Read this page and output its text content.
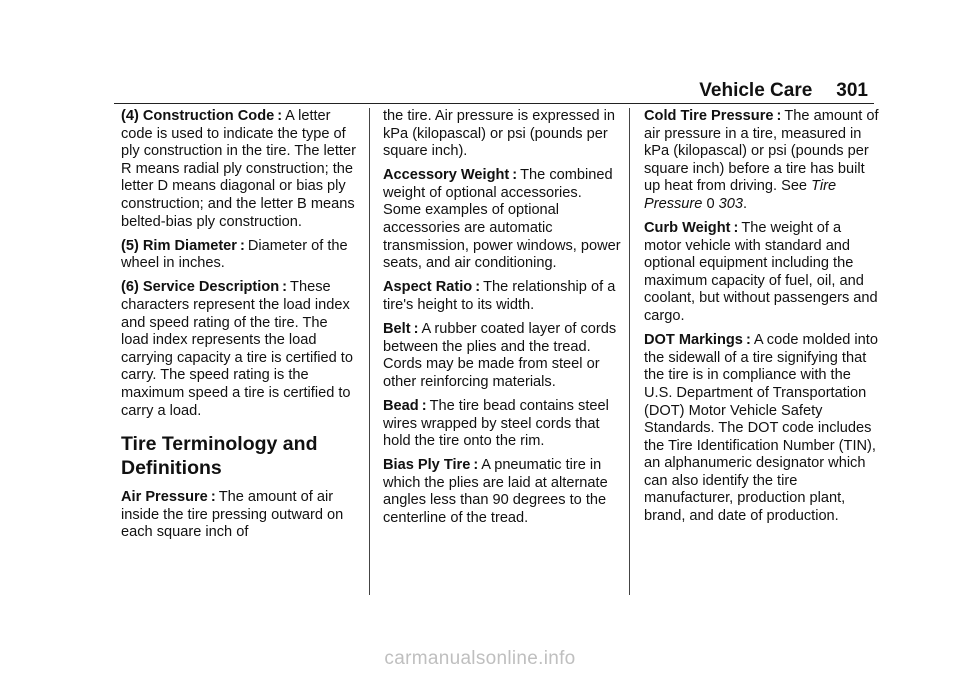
Vehicle Care 301

(4) Construction Code : A letter code is used to indicate the type of ply construction in the tire. The letter R means radial ply construction; the letter D means diagonal or bias ply construction; and the letter B means belted-bias ply construction.

(5) Rim Diameter : Diameter of the wheel in inches.

(6) Service Description : These characters represent the load index and speed rating of the tire. The load index represents the load carrying capacity a tire is certified to carry. The speed rating is the maximum speed a tire is certified to carry a load.

Tire Terminology and Definitions

Air Pressure : The amount of air inside the tire pressing outward on each square inch of

the tire. Air pressure is expressed in kPa (kilopascal) or psi (pounds per square inch).

Accessory Weight : The combined weight of optional accessories. Some examples of optional accessories are automatic transmission, power windows, power seats, and air conditioning.

Aspect Ratio : The relationship of a tire's height to its width.

Belt : A rubber coated layer of cords between the plies and the tread. Cords may be made from steel or other reinforcing materials.

Bead : The tire bead contains steel wires wrapped by steel cords that hold the tire onto the rim.

Bias Ply Tire : A pneumatic tire in which the plies are laid at alternate angles less than 90 degrees to the centerline of the tread.

Cold Tire Pressure : The amount of air pressure in a tire, measured in kPa (kilopascal) or psi (pounds per square inch) before a tire has built up heat from driving. See Tire Pressure 0 303.

Curb Weight : The weight of a motor vehicle with standard and optional equipment including the maximum capacity of fuel, oil, and coolant, but without passengers and cargo.

DOT Markings : A code molded into the sidewall of a tire signifying that the tire is in compliance with the U.S. Department of Transportation (DOT) Motor Vehicle Safety Standards. The DOT code includes the Tire Identification Number (TIN), an alphanumeric designator which can also identify the tire manufacturer, production plant, brand, and date of production.

carmanualsonline.info
